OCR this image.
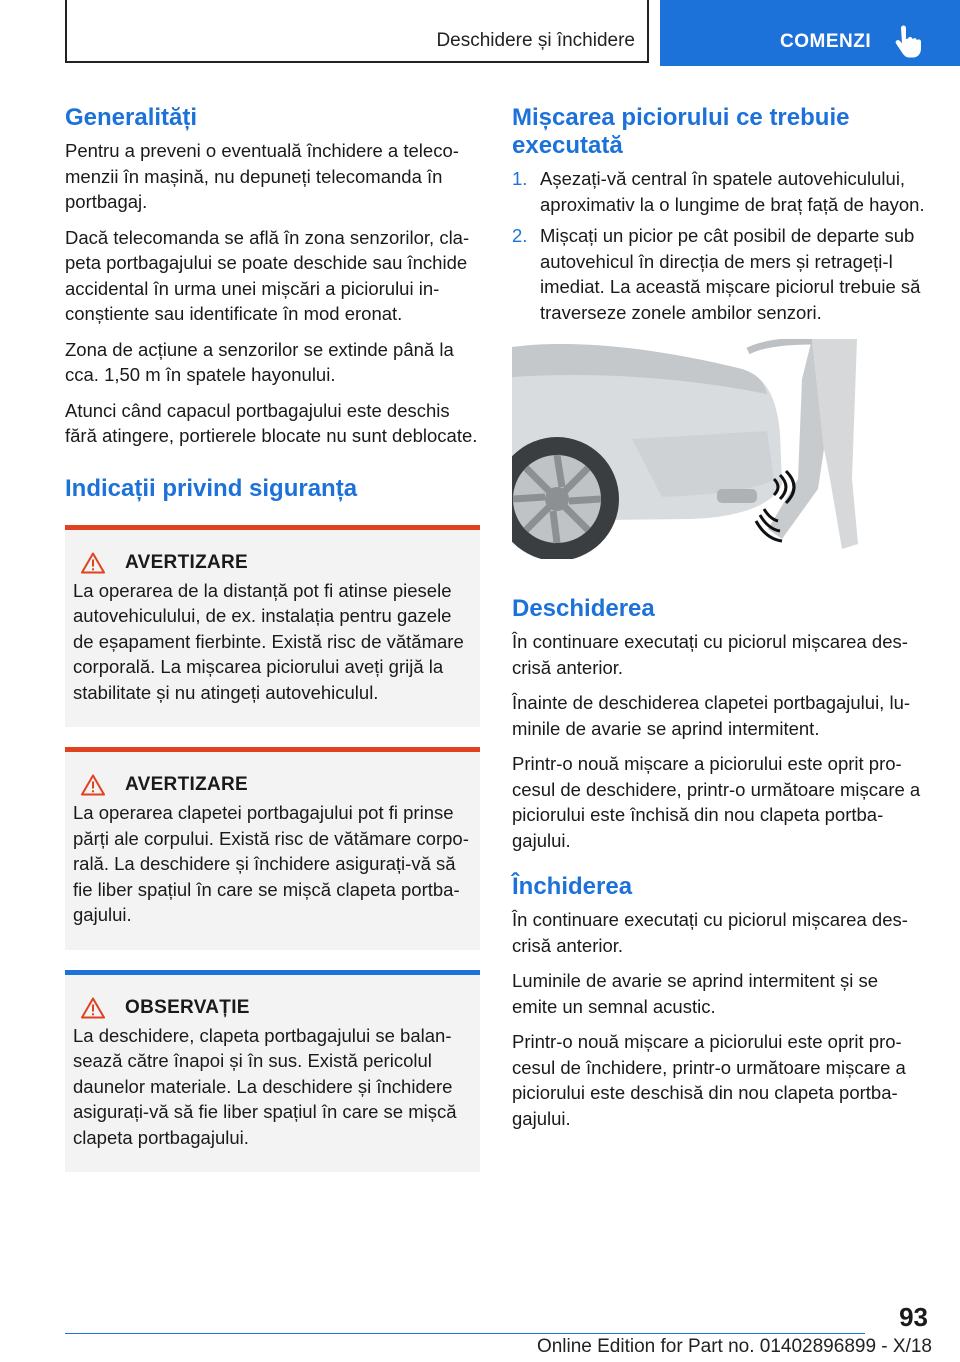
Deschidere și închidere	COMENZI
Generalități

Pentru a preveni o eventuală închidere a telecomenzii în mașină, nu depuneți telecomanda în portbagaj.

Dacă telecomanda se află în zona senzorilor, clapeta portbagajului se poate deschide sau închide accidental în urma unei mișcări a piciorului inconștiente sau identificate în mod eronat.

Zona de acțiune a senzorilor se extinde până la cca. 1,50 m în spatele hayonului.

Atunci când capacul portbagajului este deschis fără atingere, portierele blocate nu sunt deblocate.

Indicații privind siguranța
AVERTIZARE

La operarea de la distanță pot fi atinse piesele autovehiculului, de ex. instalația pentru gazele de eșapament fierbinte. Există risc de vătămare corporală. La mișcarea piciorului aveți grijă la stabilitate și nu atingeți autovehiculul.

AVERTIZARE

La operarea clapetei portbagajului pot fi prinse părți ale corpului. Există risc de vătămare corporală. La deschidere și închidere asigurați-vă să fie liber spațiul în care se mișcă clapeta portbagajului.

OBSERVAȚIE

La deschidere, clapeta portbagajului se balansează către înapoi și în sus. Există pericolul daunelor materiale. La deschidere și închidere asigurați-vă să fie liber spațiul în care se mișcă clapeta portbagajului.

Mișcarea piciorului ce trebuie executată
1. Așezați-vă central în spatele autovehiculului, aproximativ la o lungime de braț față de hayon.
2. Mișcați un picior pe cât posibil de departe sub autovehicul în direcția de mers și retrageți-l imediat. La această mișcare piciorul trebuie să traverseze zonele ambilor senzori.
Deschiderea

În continuare executați cu piciorul mișcarea descrisă anterior.

Înainte de deschiderea clapetei portbagajului, luminile de avarie se aprind intermitent.

Printr-o nouă mișcare a piciorului este oprit procesul de deschidere, printr-o următoare mișcare a piciorului este închisă din nou clapeta portbagajului.

Închiderea

În continuare executați cu piciorul mișcarea descrisă anterior.

Luminile de avarie se aprind intermitent și se emite un semnal acustic.

Printr-o nouă mișcare a piciorului este oprit procesul de închidere, printr-o următoare mișcare a piciorului este deschisă din nou clapeta portbagajului.

93
Online Edition for Part no. 01402896899 - X/18
